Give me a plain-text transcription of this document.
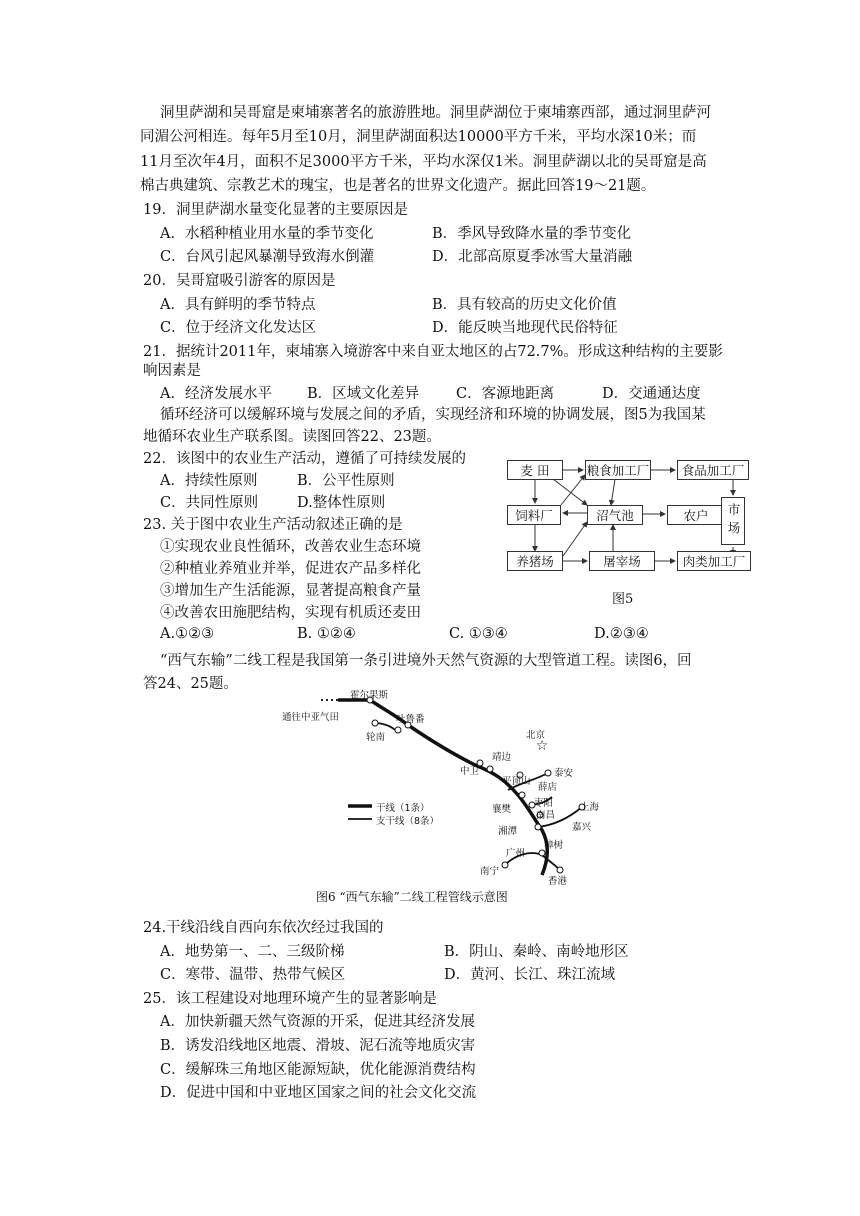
洞里萨湖和吴哥窟是柬埔寨著名的旅游胜地。洞里萨湖位于柬埔寨西部，通过洞里萨河
同湄公河相连。每年5月至10月，洞里萨湖面积达10000平方千米，平均水深10米；而
11月至次年4月，面积不足3000平方千米，平均水深仅1米。洞里萨湖以北的吴哥窟是高
棉古典建筑、宗教艺术的瑰宝，也是著名的世界文化遗产。据此回答19～21题。
19．洞里萨湖水量变化显著的主要原因是
A．水稻种植业用水量的季节变化	B．季风导致降水量的季节变化
C．台风引起风暴潮导致海水倒灌	D．北部高原夏季冰雪大量消融
20．吴哥窟吸引游客的原因是
A．具有鲜明的季节特点	B．具有较高的历史文化价值
C．位于经济文化发达区	D．能反映当地现代民俗特征
21．据统计2011年，柬埔寨入境游客中来自亚太地区的占72.7%。形成这种结构的主要影
响因素是
A．经济发展水平 B．区域文化差异	C．客源地距离	D．交通通达度
循环经济可以缓解环境与发展之间的矛盾，实现经济和环境的协调发展，图5为我国某
地循环农业生产联系图。读图回答22、23题。
22．该图中的农业生产活动，遵循了可持续发展的
A．持续性原则	B．公平性原则
C．共同性原则	D.整体性原则
23. 关于图中农业生产活动叙述正确的是
①实现农业良性循环，改善农业生态环境
②种植业养殖业并举，促进农产品多样化
③增加生产生活能源，显著提高粮食产量
④改善农田施肥结构，实现有机质还麦田
A.①②③	B. ①②④	C. ①③④	D.②③④
麦 田	粮食加工厂	食品加工厂
饲料厂	沼气池	农户	市场
养猪场	屠宰场	肉类加工厂
图5
“西气东输”二线工程是我国第一条引进境外天然气资源的大型管道工程。读图6，回
答24、25题。
☆
霍尔果斯
通往中亚气田	吐鲁番
轮南	北京
靖边
中卫	泰安
平顶山
薛店
枣阳
襄樊
南昌
上海
嘉兴
湘潭
樟树
广州
南宁
香港
干线（1条）
支干线（8条）
图6 “西气东输”二线工程管线示意图
24.干线沿线自西向东依次经过我国的
A．地势第一、二、三级阶梯	B．阴山、秦岭、南岭地形区
C．寒带、温带、热带气候区	D．黄河、长江、珠江流域
25．该工程建设对地理环境产生的显著影响是
A．加快新疆天然气资源的开采，促进其经济发展
B．诱发沿线地区地震、滑坡、泥石流等地质灾害
C．缓解珠三角地区能源短缺，优化能源消费结构
D．促进中国和中亚地区国家之间的社会文化交流
